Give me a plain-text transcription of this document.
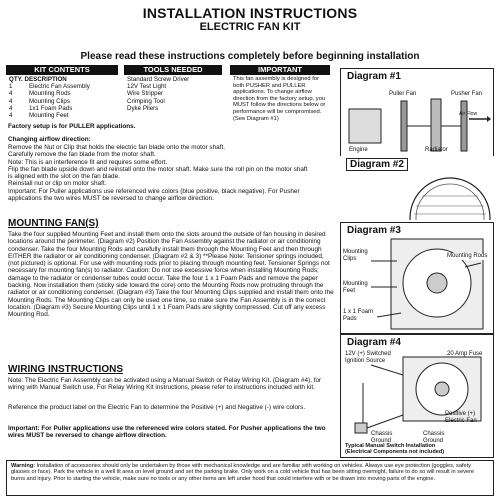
INSTALLATION INSTRUCTIONS
ELECTRIC FAN KIT
Please read these instructions completely before beginning installation
KIT CONTENTS	TOOLS NEEDED	IMPORTANT
QTY. DESCRIPTION
1	Electric Fan Assembly
4	Mounting Rods
4	Mounting Clips
4	1x1 Foam Pads
4	Mounting Feet
Standard Screw Driver
12V Test Light
Wire Stripper
Crimping Tool
Dyke Pliers
This fan assembly is designed for both PUSHER and PULLER applications. To change airflow direction from the factory setup, you MUST follow the directions below or performance will be compromised. (See Diagram #1)
Factory setup is for PULLER applications.
Changing airflow direction:
Remove the Nut or Clip that holds the electric fan blade onto the motor shaft.
Carefully remove the fan blade from the motor shaft.
Note: This is an interference fit and requires some effort.
Flip the fan blade upside down and reinstall onto the motor shaft. Make sure the roll pin on the motor shaft is aligned with the slot on the fan blade.
Reinstall nut or clip on motor shaft.
Important: For Puller applications use referenced wire colors (blue positive, black negative). For Pusher applications the two wires MUST be reversed to change airflow direction.
MOUNTING FAN(S)
Take the four supplied Mounting Feet and install them onto the slots around the outside of fan housing in desired locations around the perimeter. (Diagram #2) Position the Fan Assembly against the radiator or air conditioning condenser. Take the four Mounting Rods and carefully install them through the Mounting Feet and then through EITHER the radiator or air conditioning condenser. (Diagram #2 & 3) **Please Note: Tensioner springs included, (not pictured) is optional. For use with mounting rods prior to placing through mounting feet. Tensioner Springs not necessary for mounting fan(s) to radiator. Caution: Do not use excessive force when installing Mounting Rods; damage to the radiator or condenser tubes could occur. Take the four 1 x 1 Foam Pads and remove the paper backing. Now installation them (sticky side toward the core) onto the Mounting Rods now protruding through the radiator or air conditioning condenser. (Diagram #3) Take the four Mounting Clips supplied and install them onto the Mounting Rods. The Mounting Clips can only be used one time, so make sure the Fan Assembly is in the correct location. (Diagram #3) Secure Mounting Clips until 1 x 1 Foam Pads are slightly compressed. Cut off any excess Mounting Rod.
WIRING INSTRUCTIONS
Note: The Electric Fan Assembly can be activated using a Manual Switch or Relay Wiring Kit. (Diagram #4), for wiring with Manual Switch use. For Relay Wiring Kit instructions, please refer to instructions included with kit.
Reference the product label on the Electric Fan to determine the Positive (+) and Negative (-) wire colors.
Important: For Puller applications use the referenced wire colors stated. For Pusher applications the two wires MUST be reversed to change airflow direction.
Diagram #1
Puller Fan	Pusher Fan
Air Flow
Engine	Radiator
Diagram #2
Diagram #3
Mounting Clips	Mounting Rods
Mounting Feet
1 x 1 Foam Pads
Diagram #4
12V (+) Switched Ignition Source
20 Amp Fuse
Positive (+) Electric Fan
Chassis Ground
Chassis Ground
Typical Manual Switch Installation
(Electrical Components not included)
Warning: Installation of accessories should only be undertaken by those with mechanical knowledge and are familiar with working on vehicles. Always use eye protection (goggles, safety glasses or face). Park the vehicle in a well lit area on level ground and set the parking brake. Only work on a cold vehicle that has been sitting overnight, failure to do so will result in severe burns and injury. Prior to starting the vehicle, make sure no tools or any other items are left under hood that could interfere with or be drawn into moving parts of the engine.
